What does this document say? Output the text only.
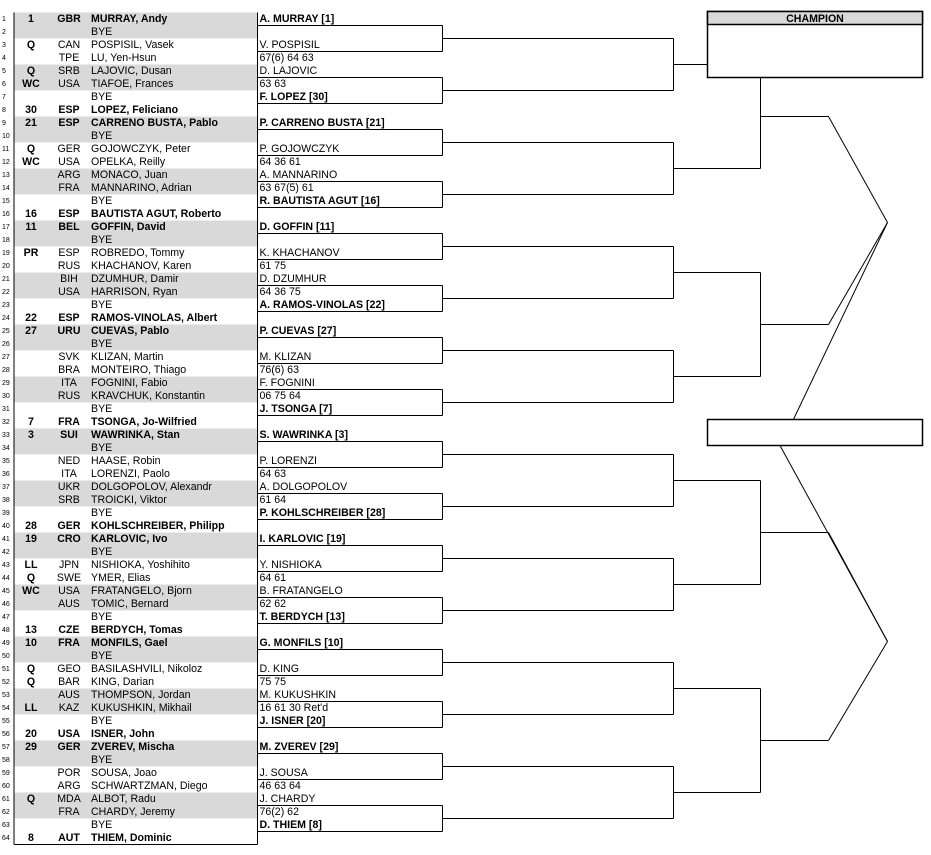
1	1	GBR MURRAY, Andy
2	BYE
3	Q	CAN	POSPISIL, Vasek
4	TPE	LU, Yen-Hsun
5	Q	SRB	LAJOVIC, Dusan
6	WC	USA	TIAFOE, Frances
7	BYE
8	30	ESP	LOPEZ, Feliciano
9	21	ESP	CARRENO BUSTA, Pablo
10	BYE
11	Q	GER GOJOWCZYK, Peter
12	WC	USA	OPELKA, Reilly
13	ARG MONACO, Juan
14	FRA	MANNARINO, Adrian
15	BYE
16	16	ESP	BAUTISTA AGUT, Roberto
17	11	BEL	GOFFIN, David
18	BYE
19	PR	ESP	ROBREDO, Tommy
20	RUS	KHACHANOV, Karen
21	BIH	DZUMHUR, Damir
22	USA	HARRISON, Ryan
23	BYE
24	22	ESP	RAMOS-VINOLAS, Albert
25	27	URU CUEVAS, Pablo
26	BYE
27	SVK	KLIZAN, Martin
28	BRA	MONTEIRO, Thiago
29	ITA	FOGNINI, Fabio
30	RUS	KRAVCHUK, Konstantin
31	BYE
32	7	FRA	TSONGA, Jo-Wilfried
33	3	SUI	WAWRINKA, Stan
34	BYE
35	NED	HAASE, Robin
36	ITA	LORENZI, Paolo
37	UKR	DOLGOPOLOV, Alexandr
38	SRB	TROICKI, Viktor
39	BYE
40	28	GER KOHLSCHREIBER, Philipp
41	19	CRO KARLOVIC, Ivo
42	BYE
43	LL	JPN	NISHIOKA, Yoshihito
44	Q	SWE YMER, Elias
45	WC	USA	FRATANGELO, Bjorn
46	AUS	TOMIC, Bernard
47	BYE
48	13	CZE	BERDYCH, Tomas
49	10	FRA	MONFILS, Gael
50	BYE
51	Q	GEO BASILASHVILI, Nikoloz
52	Q	BAR	KING, Darian
53	AUS	THOMPSON, Jordan
54	LL	KAZ	KUKUSHKIN, Mikhail
55	BYE
56	20	USA	ISNER, John
57	29	GER ZVEREV, Mischa
58	BYE
59	POR SOUSA, Joao
60	ARG SCHWARTZMAN, Diego
61	Q	MDA ALBOT, Radu
62	FRA	CHARDY, Jeremy
63	BYE
64	8	AUT	THIEM, Dominic
A. MURRAY [1]
V. POSPISIL
67(6) 64 63
D. LAJOVIC
63 63
F. LOPEZ [30]
P. CARRENO BUSTA [21]
P. GOJOWCZYK
64 36 61
A. MANNARINO
63 67(5) 61
R. BAUTISTA AGUT [16]
D. GOFFIN [11]
K. KHACHANOV
61 75
D. DZUMHUR
64 36 75
A. RAMOS-VINOLAS [22]
P. CUEVAS [27]
M. KLIZAN
76(6) 63
F. FOGNINI
06 75 64
J. TSONGA [7]
S. WAWRINKA [3]
P. LORENZI
64 63
A. DOLGOPOLOV
61 64
P. KOHLSCHREIBER [28]
I. KARLOVIC [19]
Y. NISHIOKA
64 61
B. FRATANGELO
62 62
T. BERDYCH [13]
G. MONFILS [10]
D. KING
75 75
M. KUKUSHKIN
16 61 30 Ret'd
J. ISNER [20]
M. ZVEREV [29]
J. SOUSA
46 63 64
J. CHARDY
76(2) 62
D. THIEM [8]
CHAMPION
